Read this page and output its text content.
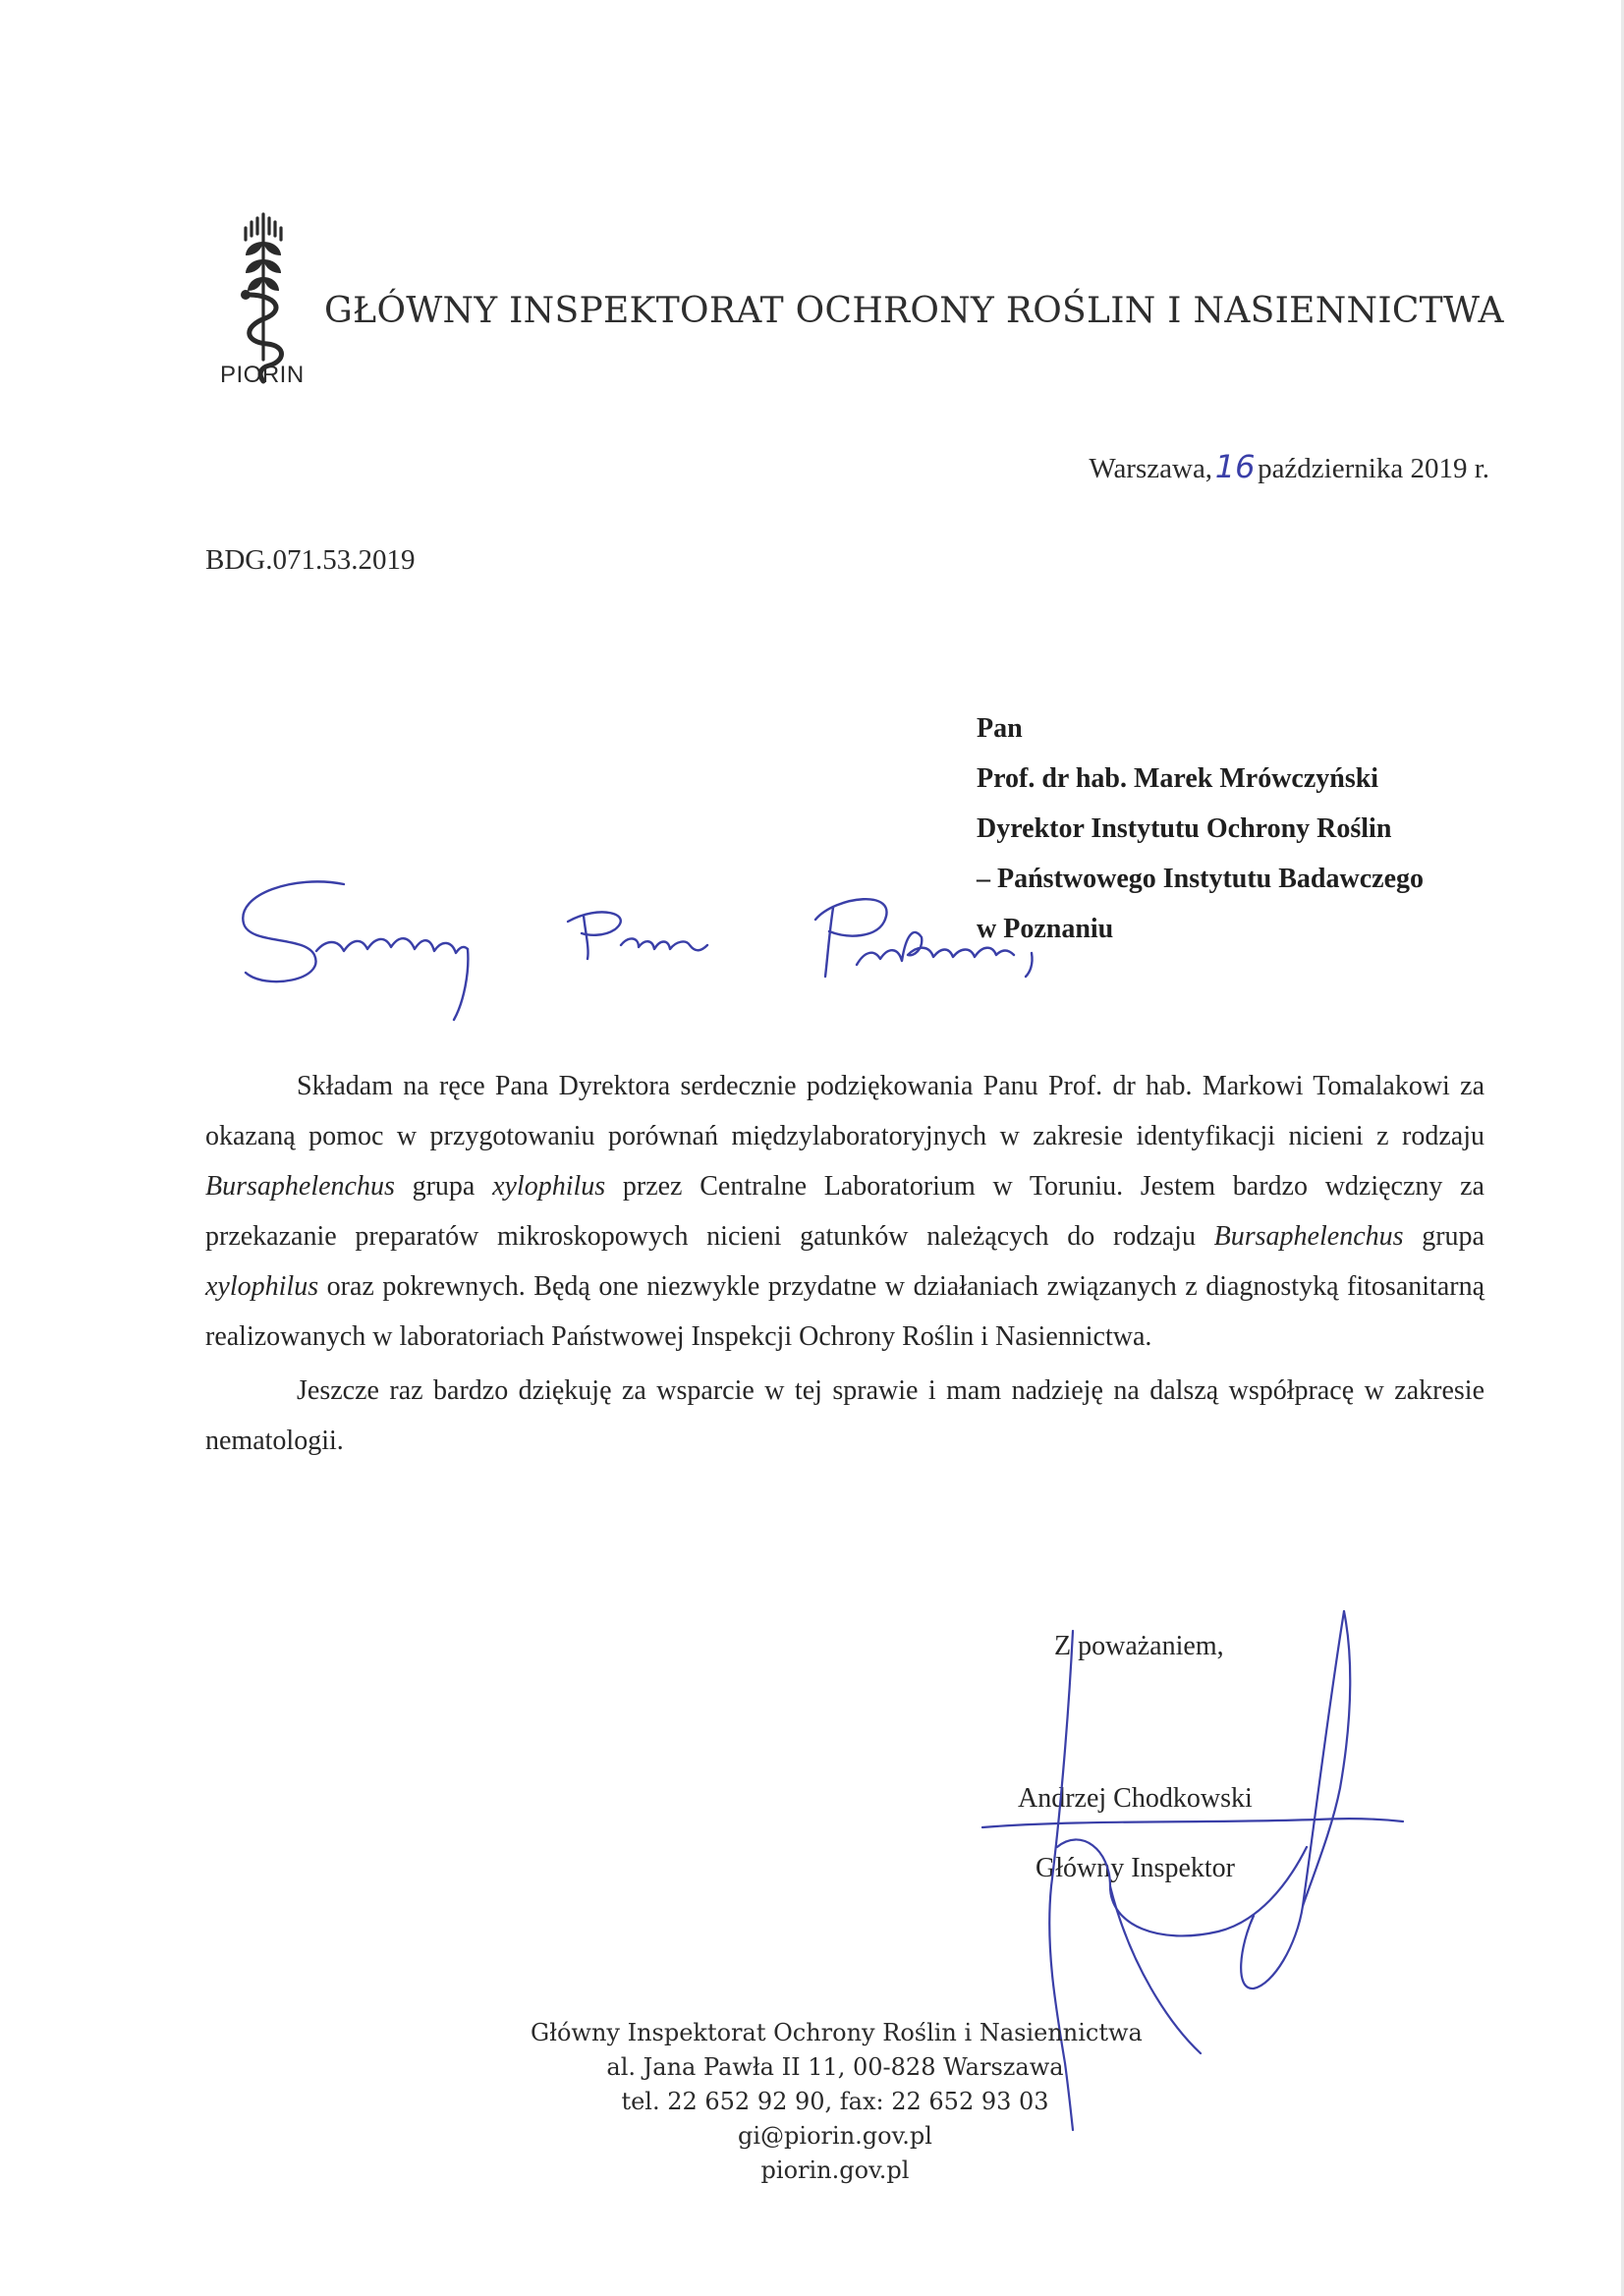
PIORIN
GŁÓWNY INSPEKTORAT OCHRONY ROŚLIN I NASIENNICTWA
Warszawa,16października 2019 r.
BDG.071.53.2019
Pan
Prof. dr hab. Marek Mrówczyński
Dyrektor Instytutu Ochrony Roślin
– Państwowego Instytutu Badawczego
w Poznaniu

Składam na ręce Pana Dyrektora serdecznie podziękowania Panu Prof. dr hab. Markowi Tomalakowi za okazaną pomoc w przygotowaniu porównań międzylaboratoryjnych w zakresie identyfikacji nicieni z rodzaju Bursaphelenchus grupa xylophilus przez Centralne Laboratorium w Toruniu. Jestem bardzo wdzięczny za przekazanie preparatów mikroskopowych nicieni gatunków należących do rodzaju Bursaphelenchus grupa xylophilus oraz pokrewnych. Będą one niezwykle przydatne w działaniach związanych z diagnostyką fitosanitarną realizowanych w laboratoriach Państwowej Inspekcji Ochrony Roślin i Nasiennictwa.

Jeszcze raz bardzo dziękuję za wsparcie w tej sprawie i mam nadzieję na dalszą współpracę w zakresie nematologii.

Z poważaniem,
Andrzej Chodkowski
Główny Inspektor
Główny Inspektorat Ochrony Roślin i Nasiennictwa
al. Jana Pawła II 11, 00-828 Warszawa
tel. 22 652 92 90, fax: 22 652 93 03
gi@piorin.gov.pl
piorin.gov.pl
